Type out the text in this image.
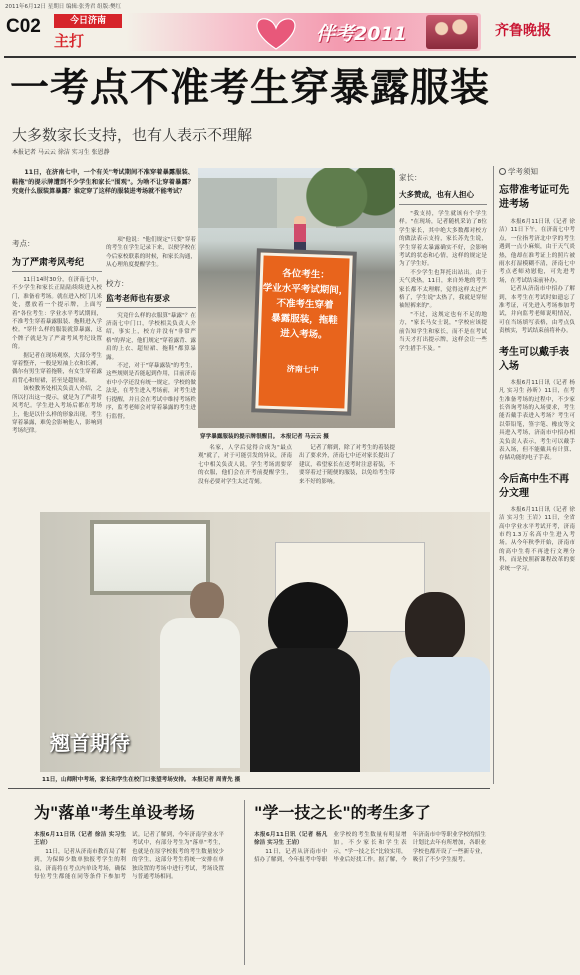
2011年6月12日 星期日 编辑:张秀君 组版:樊红
C02	今日济南
主打	伴考2011	齐鲁晚报
一考点不准考生穿暴露服装
大多数家长支持，也有人表示不理解
本报记者 马云云 徐洁 实习生 张恩静

11日，在济南七中，一个有关"考试期间不准穿着暴露服装、鞋拖"的提示牌遭到不少学生和家长"围观"。为啥不让穿着暴露？究竟什么服装算暴露？谁定穿了这样的服装进考场就不能考试？

考点：
为了严肃考风考纪

11日14时30分，在济南七中，不少学生和家长正陆陆续续进入校门，准备看考场。就在进入校门几米处，摆放着一个提示牌，上面写着"各位考生：学业水平考试期间，不准考生穿着暴露服装、拖鞋进入学校。"穿什么样的服装就算暴露，这个牌子就是为了严肃考风考纪设置的。

据记者在现场观察，大部分考生穿着整齐，一般是短袖上衣和长裤，偶尔有男生穿着拖鞋，有女生穿着露肩背心和短裙，甚至是超短裙。

该校教务处相关负责人介绍，之所以打出这一提示，就是为了严肃考风考纪。学生进入考场后都在考场上，他是以什么样的形象出现。考生穿着暴露，难免会影响他人，影响到考场纪律。

项"他说："他们规定"只要"穿着的考生在学生记录下来，以便学校在今后家校联系的时候，和家长沟通，从心理角度提醒学生。

校方：
监考老师也有要求

究竟什么样的衣服算"暴露"？在济南七中门口，学校相关负责人介绍，事实上，校方并没有"非常严格"的界定，他们规定"穿着露背、露肩的上衣、超短裙、拖鞋"都算暴露。

不过，对于"穿暴露装"的考生，这些规则是否能起到作用，目前济南市中小学还没有统一规定。学校的做法是，在考生进入考场前，对考生进行提醒，并且会在考试中维持考场秩序，监考老师会对穿着暴露的考生进行监督。

各位考生：
学业水平考试期间，
不准考生穿着
暴露服装，拖鞋
进入考场。
济南七中
穿学暴露服装的提示牌很醒目。 本报记者 马云云 摄

名家，人学后觉得合成为"最点观"就了，对于可能引发的异议，济南七中相关负责人说，学生考场需要穿的衣服，他们会在开考前提醒学生，没有必要对学生太过苛刻。

记者了解到，除了对考生的着装提出了要求外，济南七中还对家长提出了建议，希望家长在送考时注意着装，不要穿着过于随便的服装，以免给考生带来不好的影响。

家长：
大多赞成，也有人担心

"我支持，学生就该有个学生样。"在现场，记者随机采访了8位学生家长，其中绝大多数都对校方的做法表示支持，家长苏先生说，学生穿着太暴露确实不好，会影响考试的状态和心情，这样的规定是为了学生好。

不少学生也拜托出站出。由于天气炎热，11日，来自外地的考生家长都不太理解，觉得这样太过严格了，学生说"太热了，我就是穿短袖短裤来的"。

"不过，这规定也有不足的地方，"家长马女士说，"学校应该提前告知学生和家长，而不是在考试当天才打出提示牌，这样会让一些学生措手不及。"

翘首期待
11日，山师附中考场，家长和学生在校门口张望考场安排。 本报记者 周青先 摄
学考须知
忘带准考证可先进考场

本报6月11日讯（记者 徐洁）11日下午，在济南七中考点，一位指考济北中学的考生遇到一点小麻烦，由于天气炎热，他却在准考证上的照片被雨水打湿模糊不清，济南七中考点老师劝慰他，可先进考场，在考试结束前补办。

记者从济南市中招办了解到，本考生在考试时如遗忘了准考证，可先进入考场参加考试，并向监考老师说明情况，可在当场填写表格，由考点负责核实，考试结束前将补办。

考生可以戴手表入场

本报6月11日讯（记者 杨凡 实习生 孙昕）11日，在考生准备考场的过程中，不少家长咨询考场的入场要求，考生能否戴手表进入考场？考生可以带铅笔，签字笔、橡皮等文具进入考场，济南市中招办相关负责人表示，考生可以戴手表入场，但不能戴具有计算、存储功能的电子手表。

今后高中生不再分文理

本报6月11日讯（记者 徐洁 实习生 王岩）11日，全省高中学业水平考试开考，济南市约1.3万名高中生进入考场。从今年秋季开始，济南市的高中生将不再进行文理分科，而是按照新课程改革的要求统一学习。

为"落单"考生单设考场

本报6月11日讯（记者 徐洁 实习生 王岩）

11日，记者从济南市教育局了解到，为保障少数单独报考学生的利益，济南将在考点内单设考场，确保每位考生都能在同等条件下参加考试。记者了解到，今年济南学业水平考试中，有部分考生为"落单"考生，也就是在原学校报考的考生数量较少的学生，这部分考生将统一安排在单独设置的考场中进行考试，考场设置与普通考场相同。

"学一技之长"的考生多了

本报6月11日讯（记者 杨凡 徐洁 实习生 王岩）

11日，记者从济南市中招办了解到，今年报考中等职业学校的考生数量有明显增加。不少家长和学生表示，"学一技之长"比较实用，毕业后好找工作。据了解，今年济南市中等职业学校的招生计划比去年有所增加，各职业学校也都开设了一些新专业，吸引了不少学生报考。
